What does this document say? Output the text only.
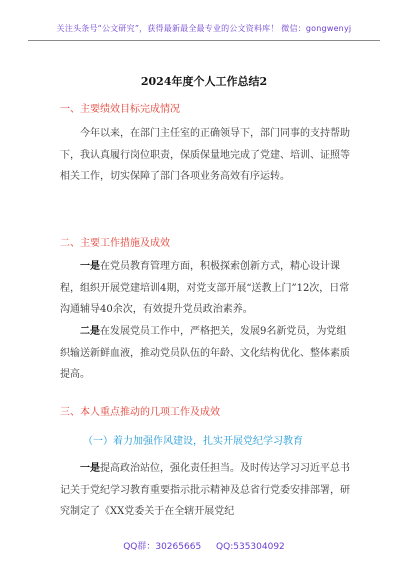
关注头条号“公文研究”，获得最新最全最专业的公文资料库！ 微信：gongwenyj
2024年度个人工作总结2
一、主要绩效目标完成情况

今年以来，在部门主任室的正确领导下，部门同事的支持帮助下，我认真履行岗位职责，保质保量地完成了党建、培训、证照等相关工作，切实保障了部门各项业务高效有序运转。

二、主要工作措施及成效

一是在党员教育管理方面，积极探索创新方式，精心设计课程，组织开展党建培训4期，对党支部开展“送教上门”12次，日常沟通辅导40余次，有效提升党员政治素养。

二是在发展党员工作中，严格把关，发展9名新党员，为党组织输送新鲜血液，推动党员队伍的年龄、文化结构优化、整体素质提高。

三、本人重点推动的几项工作及成效
（一）着力加强作风建设，扎实开展党纪学习教育

一是提高政治站位，强化责任担当。及时传达学习习近平总书记关于党纪学习教育重要指示批示精神及总省行党委安排部署，研究制定了《XX党委关于在全辖开展党纪

QQ群：30265665 QQ:535304092
